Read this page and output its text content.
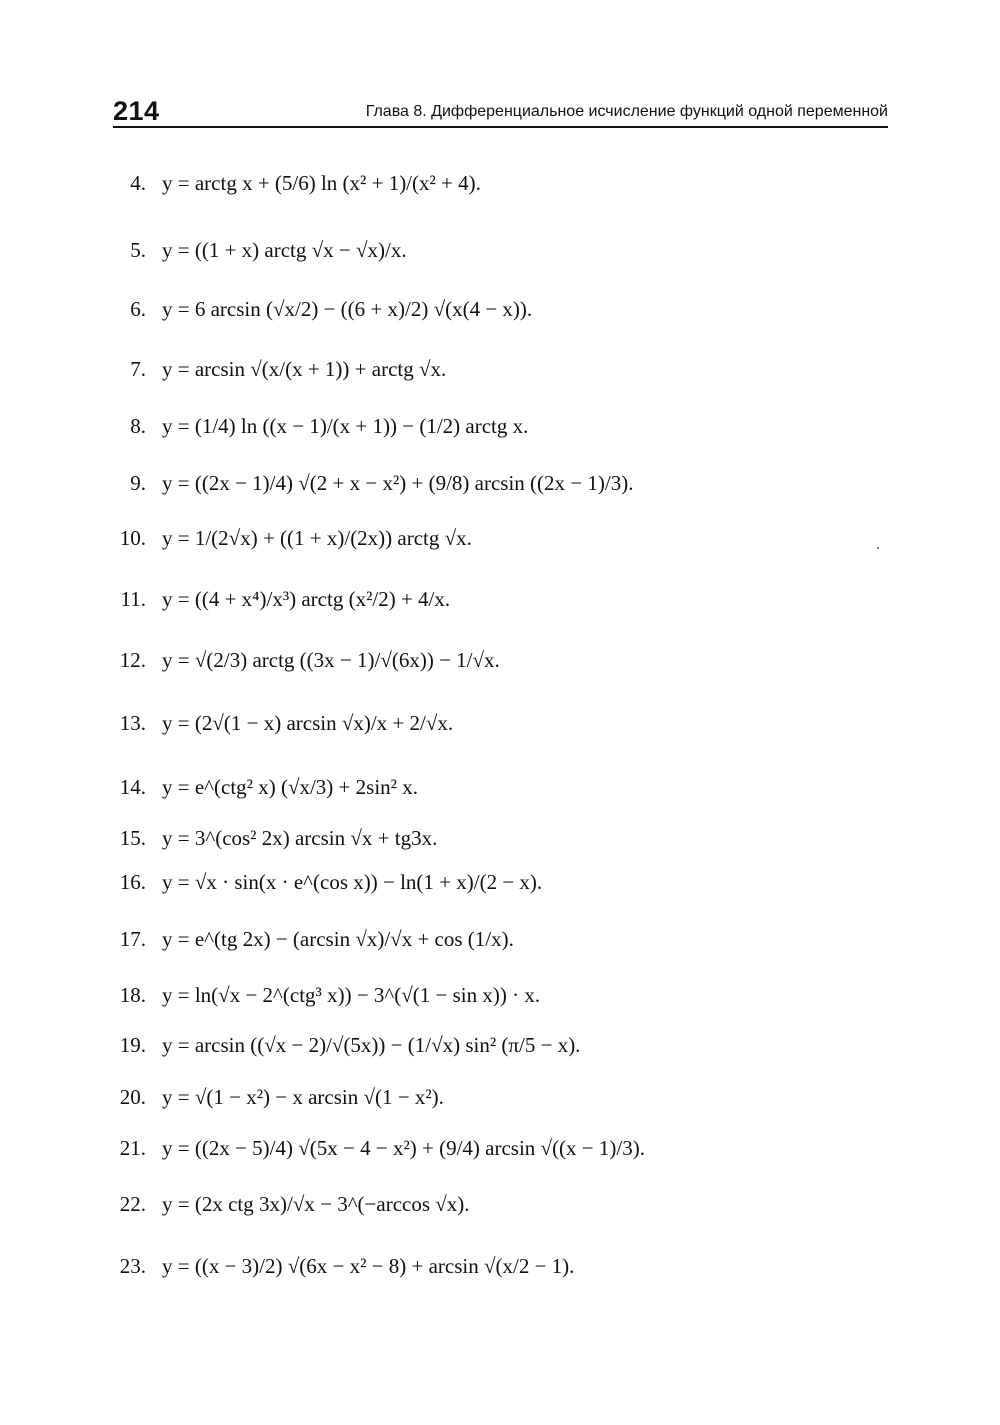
214	Глава 8. Дифференциальное исчисление функций одной переменной
4. y = arctg x + (5/6) ln (x² + 1)/(x² + 4).
5. y = ((1 + x) arctg √x − √x)/x.
6. y = 6 arcsin (√x/2) − ((6 + x)/2) √(x(4 − x)).
7. y = arcsin √(x/(x + 1)) + arctg √x.
8. y = (1/4) ln ((x − 1)/(x + 1)) − (1/2) arctg x.
9. y = ((2x − 1)/4) √(2 + x − x²) + (9/8) arcsin ((2x − 1)/3).
10. y = 1/(2√x) + ((1 + x)/(2x)) arctg √x.
11. y = ((4 + x⁴)/x³) arctg (x²/2) + 4/x.
12. y = √(2/3) arctg ((3x − 1)/√(6x)) − 1/√x.
13. y = (2√(1 − x) arcsin √x)/x + 2/√x.
14. y = e^(ctg² x) (√x/3) + 2sin² x.
15. y = 3^(cos² 2x) arcsin √x + tg3x.
16. y = √x · sin(x · e^(cos x)) − ln(1 + x)/(2 − x).
17. y = e^(tg 2x) − (arcsin √x)/√x + cos (1/x).
18. y = ln(√x − 2^(ctg³ x)) − 3^(√(1 − sin x)) · x.
19. y = arcsin ((√x − 2)/√(5x)) − (1/√x) sin² (π/5 − x).
20. y = √(1 − x²) − x arcsin √(1 − x²).
21. y = ((2x − 5)/4) √(5x − 4 − x²) + (9/4) arcsin √((x − 1)/3).
22. y = (2x ctg 3x)/√x − 3^(−arccos √x).
23. y = ((x − 3)/2) √(6x − x² − 8) + arcsin √(x/2 − 1).
